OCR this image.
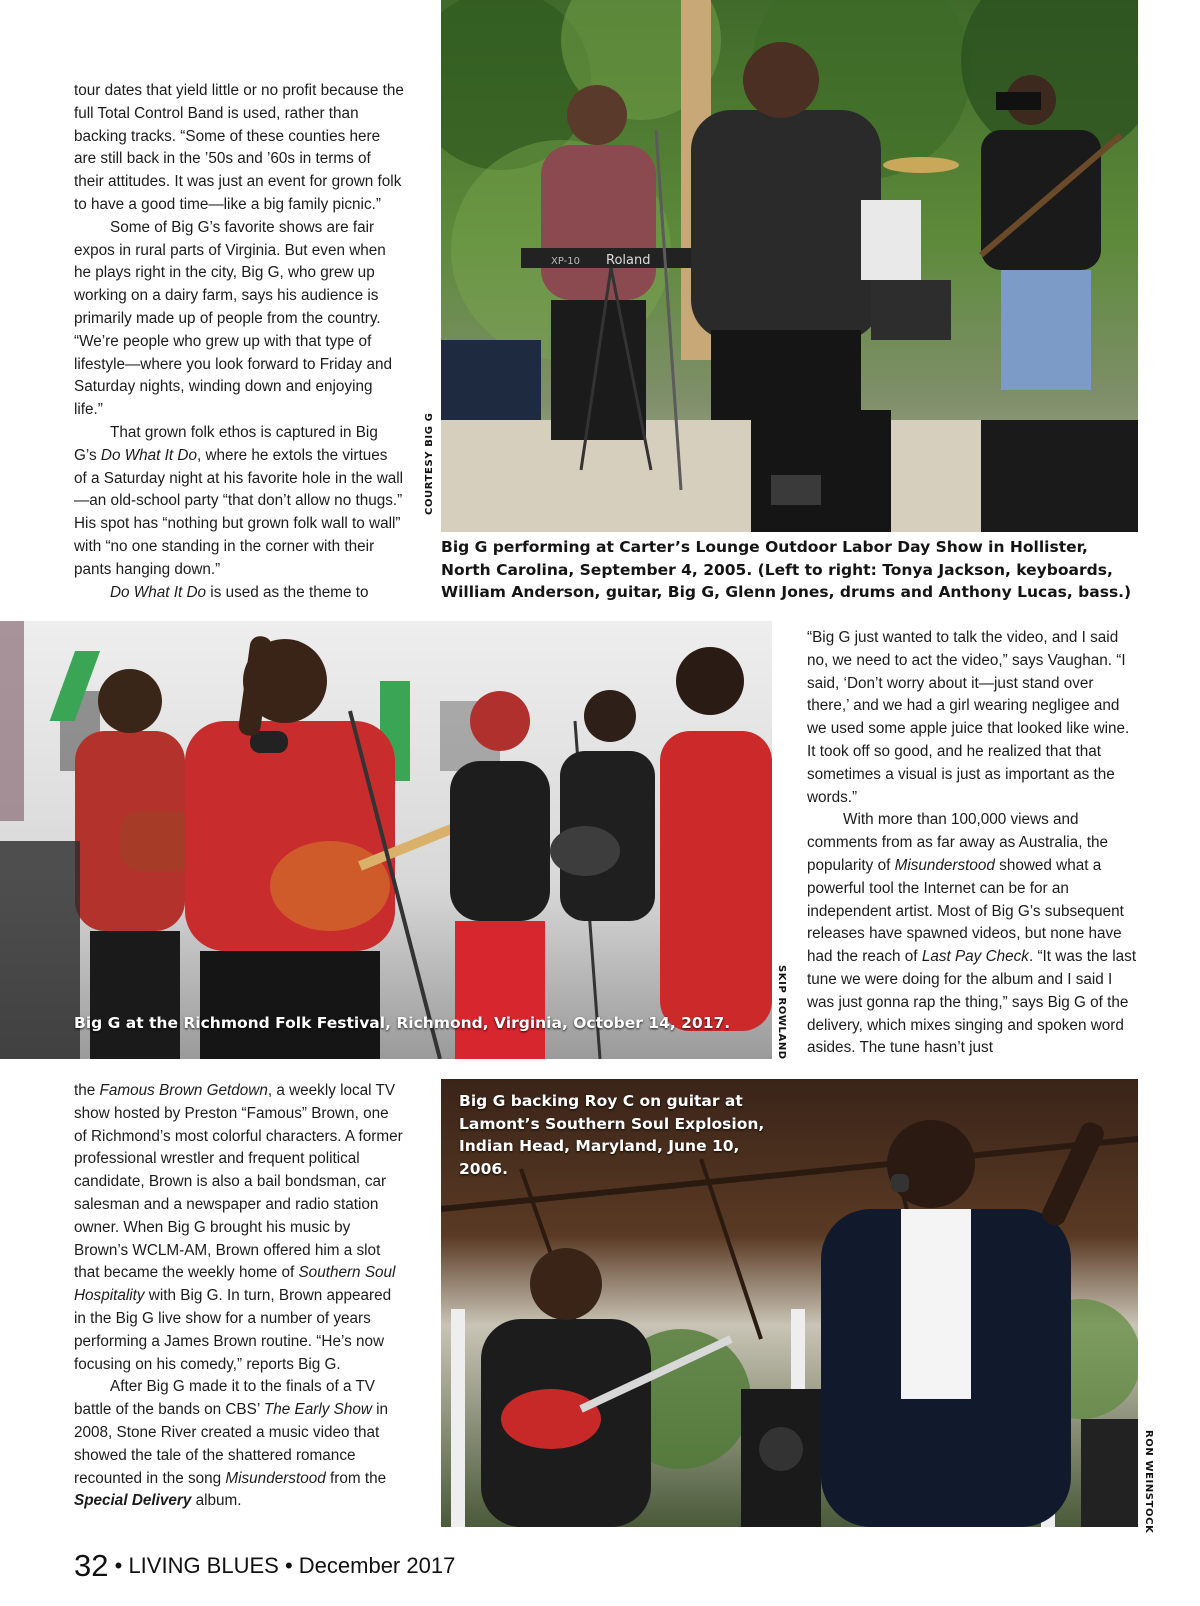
tour dates that yield little or no profit because the full Total Control Band is used, rather than backing tracks. “Some of these counties here are still back in the ’50s and ’60s in terms of their attitudes. It was just an event for grown folk to have a good time—like a big family picnic.”

Some of Big G’s favorite shows are fair expos in rural parts of Virginia. But even when he plays right in the city, Big G, who grew up working on a dairy farm, says his audience is primarily made up of people from the country. “We’re people who grew up with that type of lifestyle—where you look forward to Friday and Saturday nights, winding down and enjoying life.”

That grown folk ethos is captured in Big G’s Do What It Do, where he extols the virtues of a Saturday night at his favorite hole in the wall—an old-school party “that don’t allow no thugs.” His spot has “nothing but grown folk wall to wall” with “no one standing in the corner with their pants hanging down.”

Do What It Do is used as the theme to

Roland
XP-10
COURTESY BIG G
Big G performing at Carter’s Lounge Outdoor Labor Day Show in Hollister, North Carolina, September 4, 2005. (Left to right: Tonya Jackson, keyboards, William Anderson, guitar, Big G, Glenn Jones, drums and Anthony Lucas, bass.)
Big G at the Richmond Folk Festival, Richmond, Virginia, October 14, 2017.	SKIP ROWLAND

“Big G just wanted to talk the video, and I said no, we need to act the video,” says Vaughan. “I said, ‘Don’t worry about it—just stand over there,’ and we had a girl wearing negligee and we used some apple juice that looked like wine. It took off so good, and he realized that that sometimes a visual is just as important as the words.”

With more than 100,000 views and comments from as far away as Australia, the popularity of Misunderstood showed what a powerful tool the Internet can be for an independent artist. Most of Big G’s subsequent releases have spawned videos, but none have had the reach of Last Pay Check. “It was the last tune we were doing for the album and I said I was just gonna rap the thing,” says Big G of the delivery, which mixes singing and spoken word asides. The tune hasn’t just

the Famous Brown Getdown, a weekly local TV show hosted by Preston “Famous” Brown, one of Richmond’s most colorful characters. A former professional wrestler and frequent political candidate, Brown is also a bail bondsman, car salesman and a newspaper and radio station owner. When Big G brought his music by Brown’s WCLM-AM, Brown offered him a slot that became the weekly home of Southern Soul Hospitality with Big G. In turn, Brown appeared in the Big G live show for a number of years performing a James Brown routine. “He’s now focusing on his comedy,” reports Big G.

After Big G made it to the finals of a TV battle of the bands on CBS’ The Early Show in 2008, Stone River created a music video that showed the tale of the shattered romance recounted in the song Misunderstood from the Special Delivery album.

Big G backing Roy C on guitar at Lamont’s Southern Soul Explosion, Indian Head, Maryland, June 10, 2006.
RON WEINSTOCK
32 • LIVING BLUES • December 2017
